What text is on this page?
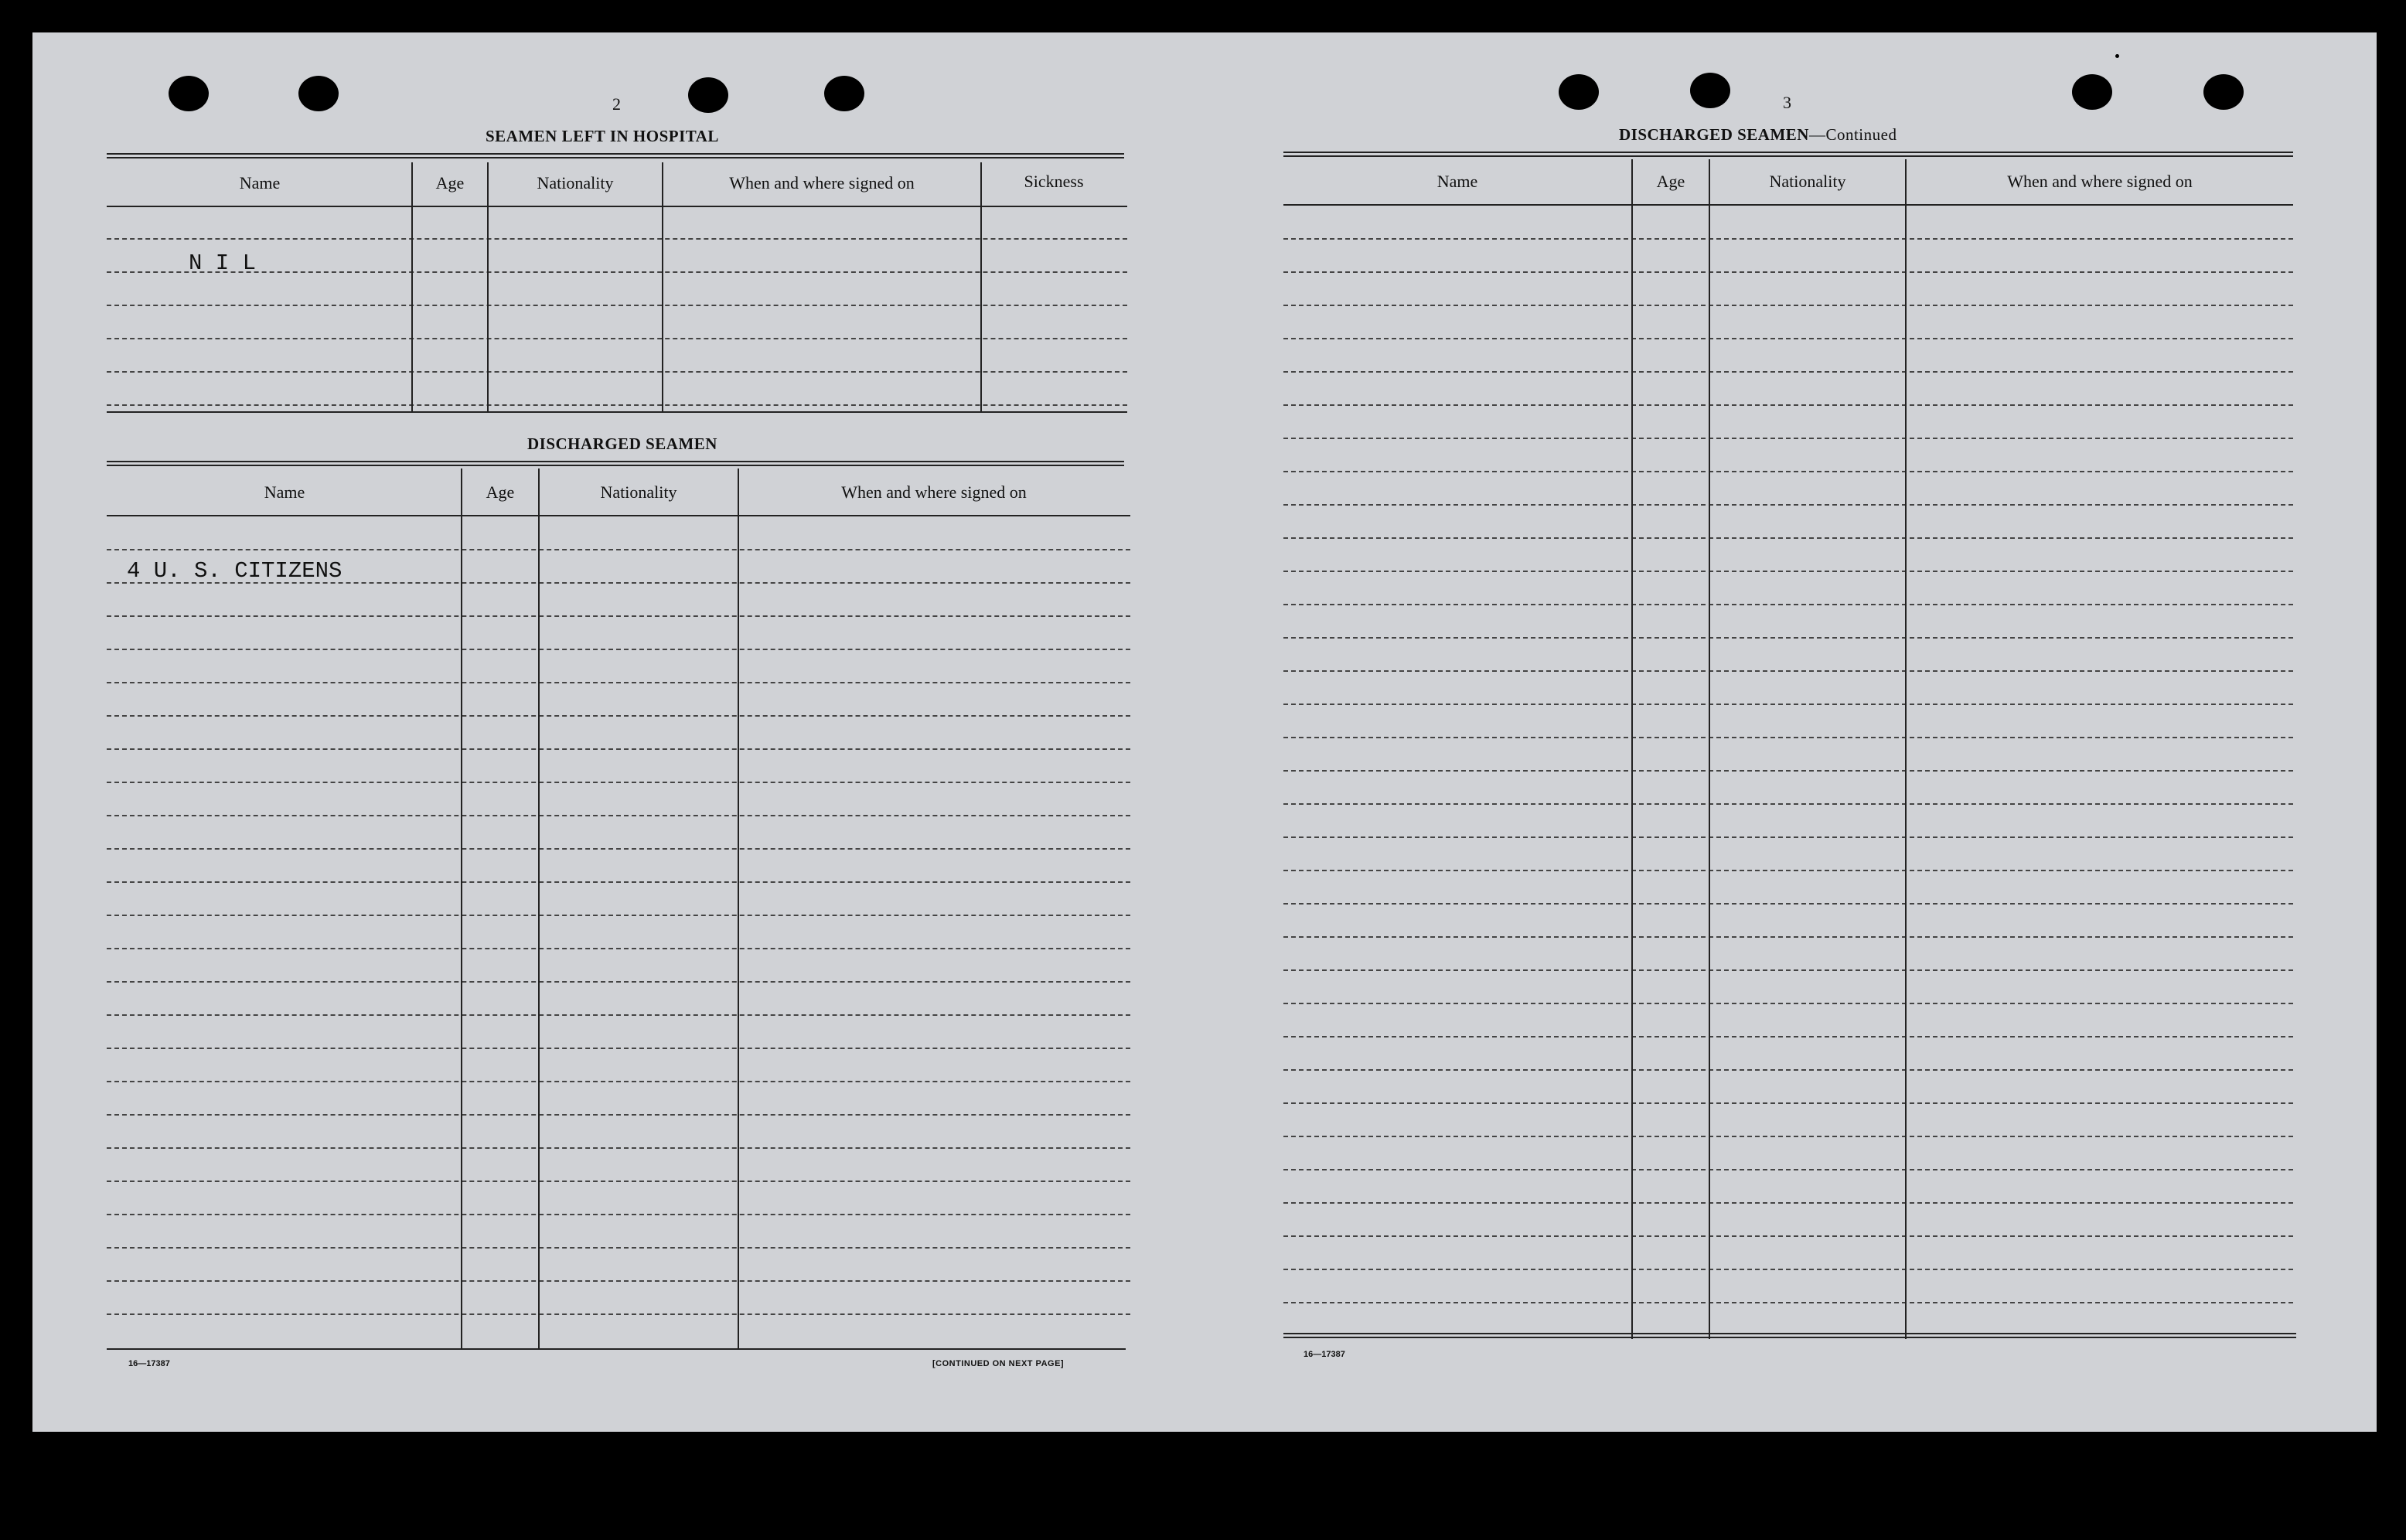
2
SEAMEN LEFT IN HOSPITAL
Name	Age	Nationality	When and where signed on	Sickness
N I L
DISCHARGED SEAMEN
Name	Age	Nationality	When and where signed on
4 U. S. CITIZENS
16—17387	[CONTINUED ON NEXT PAGE]
3
DISCHARGED SEAMEN—Continued
Name	Age	Nationality	When and where signed on
16—17387
